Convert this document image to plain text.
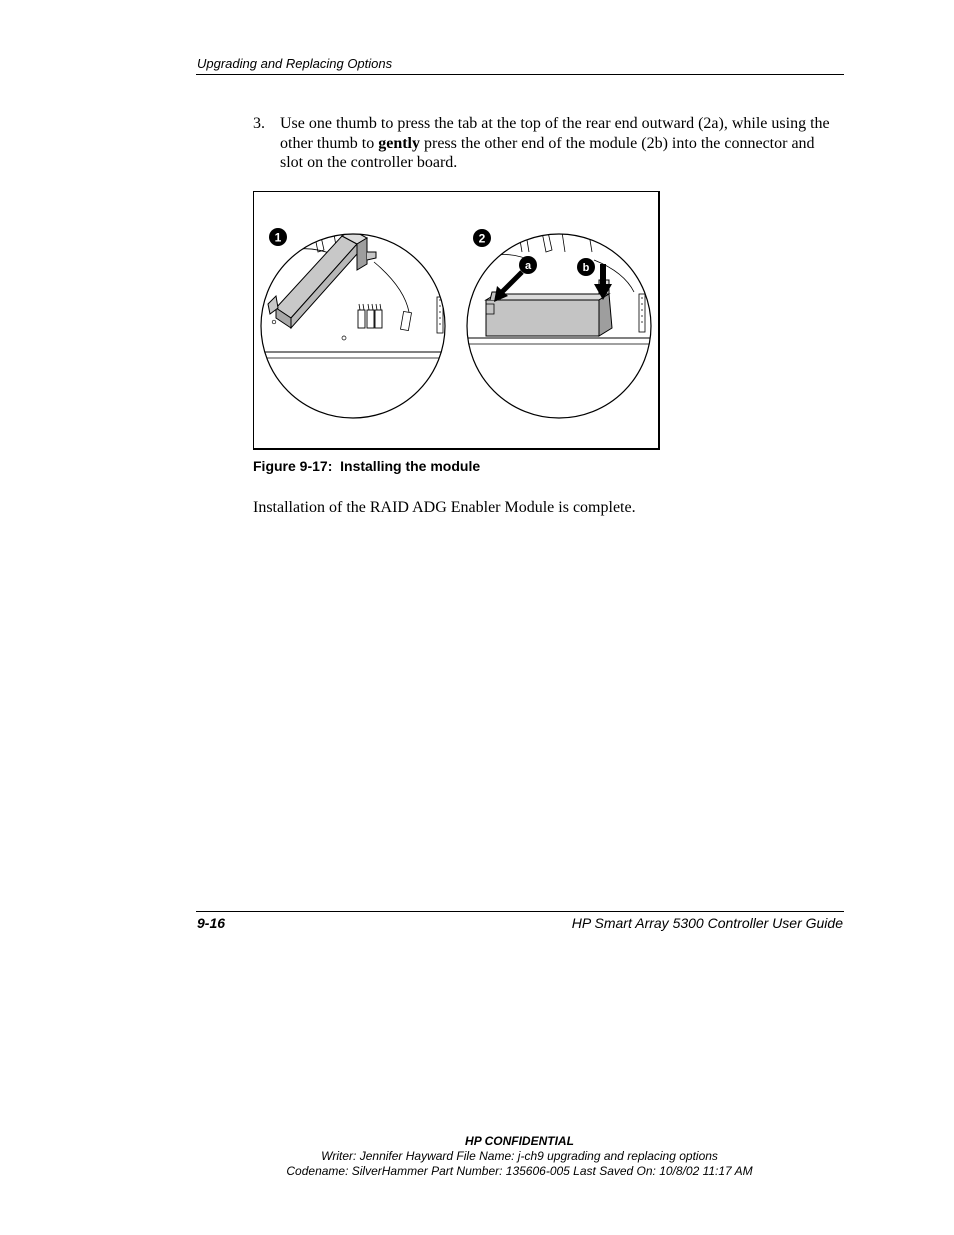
Upgrading and Replacing Options
3. Use one thumb to press the tab at the top of the rear end outward (2a), while using the other thumb to gently press the other end of the module (2b) into the connector and slot on the controller board.
1	2
a	b
Figure 9-17:  Installing the module
Installation of the RAID ADG Enabler Module is complete.
9-16	HP Smart Array 5300 Controller User Guide
HP CONFIDENTIAL
Writer: Jennifer Hayward File Name: j-ch9 upgrading and replacing options
Codename: SilverHammer Part Number: 135606-005 Last Saved On: 10/8/02 11:17 AM
